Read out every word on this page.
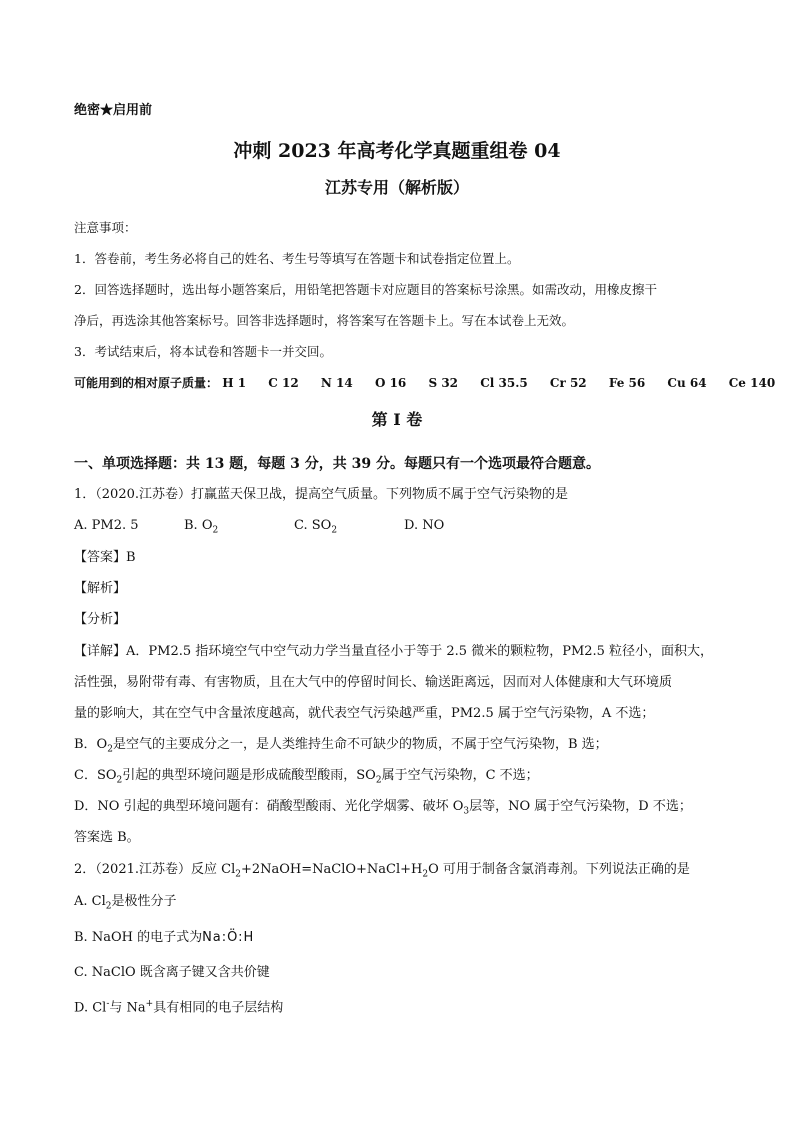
绝密★启用前
冲刺 2023 年高考化学真题重组卷 04
江苏专用（解析版）
注意事项：
1．答卷前，考生务必将自己的姓名、考生号等填写在答题卡和试卷指定位置上。
2．回答选择题时，选出每小题答案后，用铅笔把答题卡对应题目的答案标号涂黑。如需改动，用橡皮擦干
净后，再选涂其他答案标号。回答非选择题时，将答案写在答题卡上。写在本试卷上无效。
3．考试结束后，将本试卷和答题卡一并交回。
可能用到的相对原子质量： H 1 C 12 N 14 O 16 S 32 Cl 35.5 Cr 52 Fe 56 Cu 64 Ce 140
第 I 卷
一、单项选择题：共 13 题，每题 3 分，共 39 分。每题只有一个选项最符合题意。
1．（2020.江苏卷）打赢蓝天保卫战，提高空气质量。下列物质不属于空气污染物的是
A. PM2. 5	B. $O_2$	C. $SO_2$	D. NO
【答案】B
【解析】
【分析】
【详解】A．PM2.5 指环境空气中空气动力学当量直径小于等于 2.5 微米的颗粒物，PM2.5 粒径小，面积大，
活性强，易附带有毒、有害物质，且在大气中的停留时间长、输送距离远，因而对人体健康和大气环境质
量的影响大，其在空气中含量浓度越高，就代表空气污染越严重，PM2.5 属于空气污染物，A 不选；
B．$O_2$是空气的主要成分之一，是人类维持生命不可缺少的物质，不属于空气污染物，B 选；
C．$SO_2$引起的典型环境问题是形成硫酸型酸雨，$SO_2$属于空气污染物，C 不选；
D．NO 引起的典型环境问题有：硝酸型酸雨、光化学烟雾、破坏 $O_3$层等，NO 属于空气污染物，D 不选；
答案选 B。
2．（2021.江苏卷）反应 $Cl_2+2NaOH=NaClO+NaCl+H_2O$ 可用于制备含氯消毒剂。下列说法正确的是
A. $Cl_2$是极性分子
B. NaOH 的电子式为Na:Ö:H
C. NaClO 既含离子键又含共价键
D. Cl-与 Na+具有相同的电子层结构
